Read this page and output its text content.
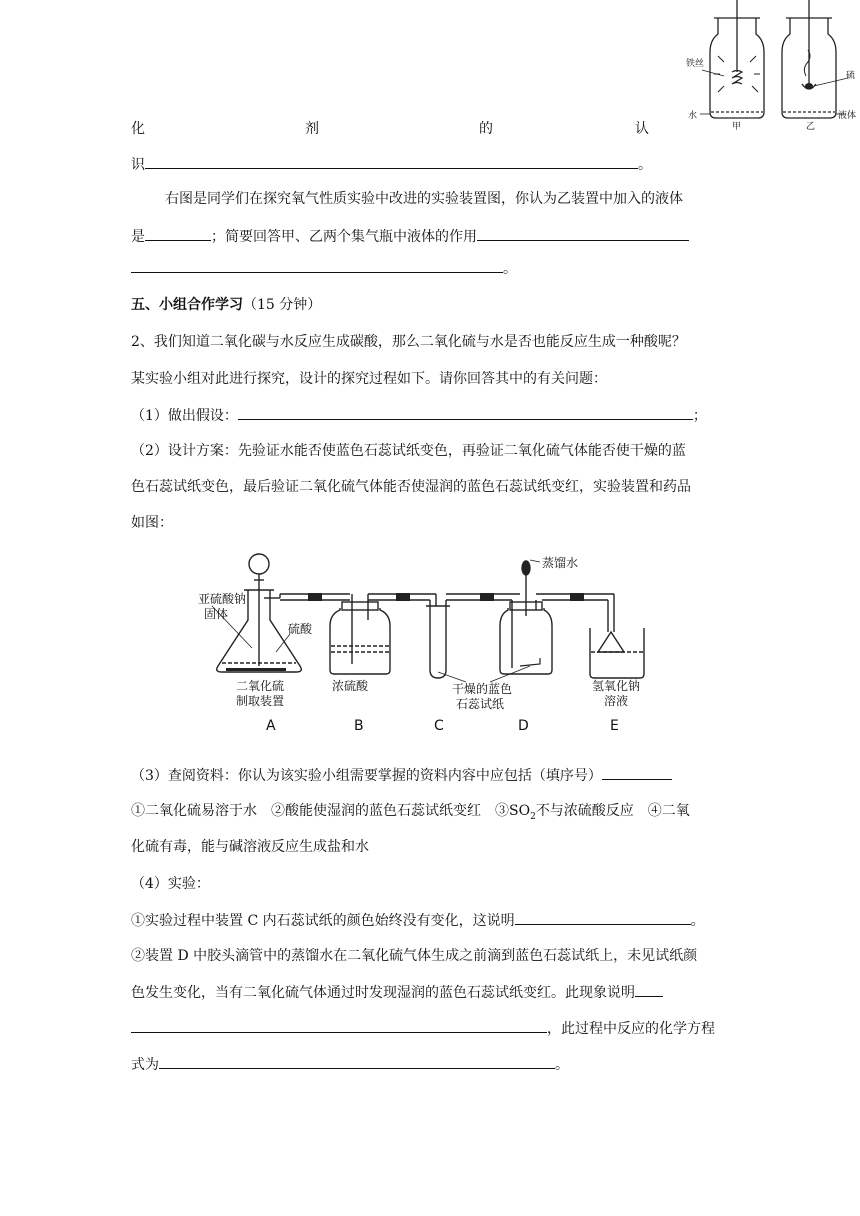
铁丝
水
甲
硫
液体
乙
化	剂	的	认
识	。
右图是同学们在探究氧气性质实验中改进的实验装置图，你认为乙装置中加入的液体
是	；简要回答甲、乙两个集气瓶中液体的作用
。
五、小组合作学习（15 分钟）
2、我们知道二氧化碳与水反应生成碳酸，那么二氧化硫与水是否也能反应生成一种酸呢？
某实验小组对此进行探究，设计的探究过程如下。请你回答其中的有关问题：
（1）做出假设：	；
（2）设计方案：先验证水能否使蓝色石蕊试纸变色，再验证二氧化硫气体能否使干燥的蓝
色石蕊试纸变色，最后验证二氧化硫气体能否使湿润的蓝色石蕊试纸变红，实验装置和药品
如图：
亚硫酸钠
固体
硫酸
二氧化硫
制取装置
浓硫酸	干燥的蓝色
石蕊试纸
蒸馏水
氢氧化钠
溶液
A	B	C	D	E
（3）查阅资料：你认为该实验小组需要掌握的资料内容中应包括（填序号）
①二氧化硫易溶于水　②酸能使湿润的蓝色石蕊试纸变红　$③SO_2$不与浓硫酸反应　④二氧
化硫有毒，能与碱溶液反应生成盐和水
（4）实验：
①实验过程中装置 C 内石蕊试纸的颜色始终没有变化，这说明	。
②装置 D 中胶头滴管中的蒸馏水在二氧化硫气体生成之前滴到蓝色石蕊试纸上，未见试纸颜
色发生变化，当有二氧化硫气体通过时发现湿润的蓝色石蕊试纸变红。此现象说明
，此过程中反应的化学方程
式为	。
